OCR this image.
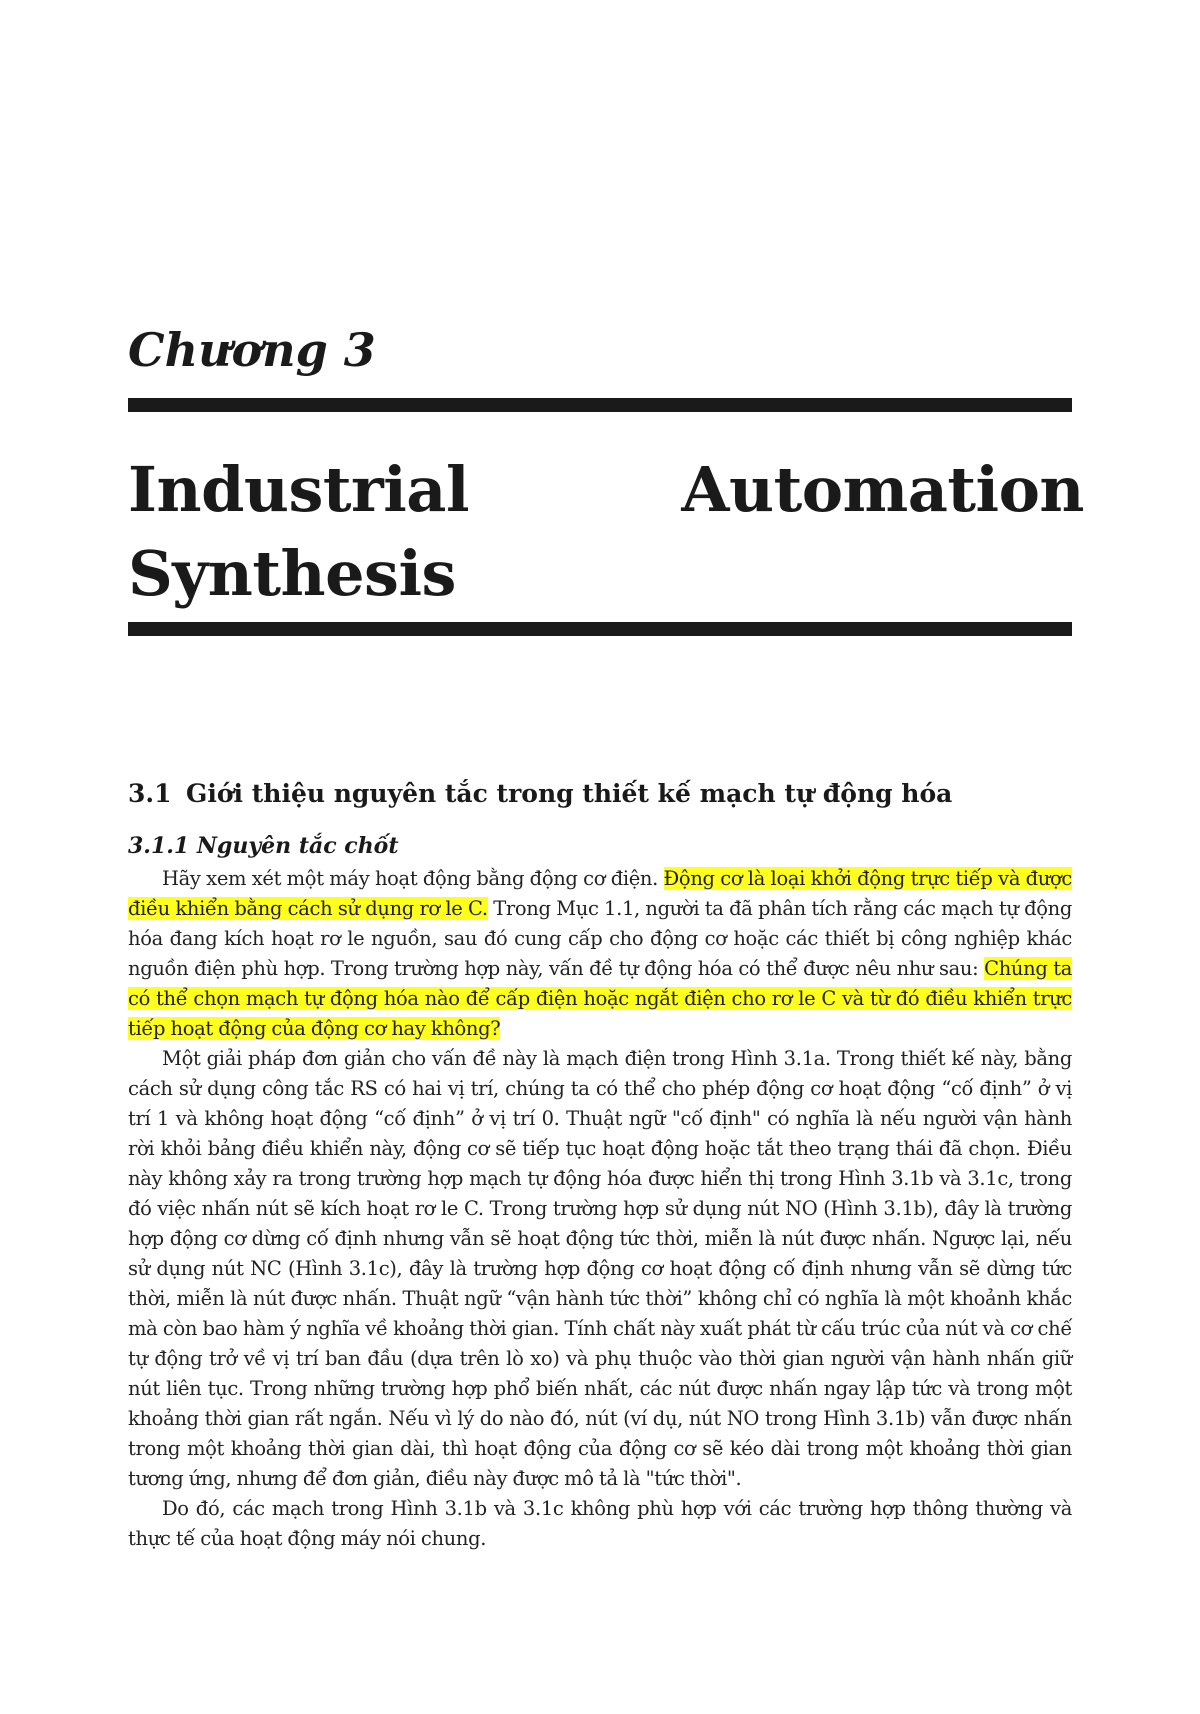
Chương 3
Industrial Automation Synthesis
3.1 Giới thiệu nguyên tắc trong thiết kế mạch tự động hóa
3.1.1 Nguyên tắc chốt

Hãy xem xét một máy hoạt động bằng động cơ điện. Động cơ là loại khởi động trực tiếp và được điều khiển bằng cách sử dụng rơ le C. Trong Mục 1.1, người ta đã phân tích rằng các mạch tự động hóa đang kích hoạt rơ le nguồn, sau đó cung cấp cho động cơ hoặc các thiết bị công nghiệp khác nguồn điện phù hợp. Trong trường hợp này, vấn đề tự động hóa có thể được nêu như sau: Chúng ta có thể chọn mạch tự động hóa nào để cấp điện hoặc ngắt điện cho rơ le C và từ đó điều khiển trực tiếp hoạt động của động cơ hay không?

Một giải pháp đơn giản cho vấn đề này là mạch điện trong Hình 3.1a. Trong thiết kế này, bằng cách sử dụng công tắc RS có hai vị trí, chúng ta có thể cho phép động cơ hoạt động “cố định” ở vị trí 1 và không hoạt động “cố định” ở vị trí 0. Thuật ngữ "cố định" có nghĩa là nếu người vận hành rời khỏi bảng điều khiển này, động cơ sẽ tiếp tục hoạt động hoặc tắt theo trạng thái đã chọn. Điều này không xảy ra trong trường hợp mạch tự động hóa được hiển thị trong Hình 3.1b và 3.1c, trong đó việc nhấn nút sẽ kích hoạt rơ le C. Trong trường hợp sử dụng nút NO (Hình 3.1b), đây là trường hợp động cơ dừng cố định nhưng vẫn sẽ hoạt động tức thời, miễn là nút được nhấn. Ngược lại, nếu sử dụng nút NC (Hình 3.1c), đây là trường hợp động cơ hoạt động cố định nhưng vẫn sẽ dừng tức thời, miễn là nút được nhấn. Thuật ngữ “vận hành tức thời” không chỉ có nghĩa là một khoảnh khắc mà còn bao hàm ý nghĩa về khoảng thời gian. Tính chất này xuất phát từ cấu trúc của nút và cơ chế tự động trở về vị trí ban đầu (dựa trên lò xo) và phụ thuộc vào thời gian người vận hành nhấn giữ nút liên tục. Trong những trường hợp phổ biến nhất, các nút được nhấn ngay lập tức và trong một khoảng thời gian rất ngắn. Nếu vì lý do nào đó, nút (ví dụ, nút NO trong Hình 3.1b) vẫn được nhấn trong một khoảng thời gian dài, thì hoạt động của động cơ sẽ kéo dài trong một khoảng thời gian tương ứng, nhưng để đơn giản, điều này được mô tả là "tức thời".

Do đó, các mạch trong Hình 3.1b và 3.1c không phù hợp với các trường hợp thông thường và thực tế của hoạt động máy nói chung.
